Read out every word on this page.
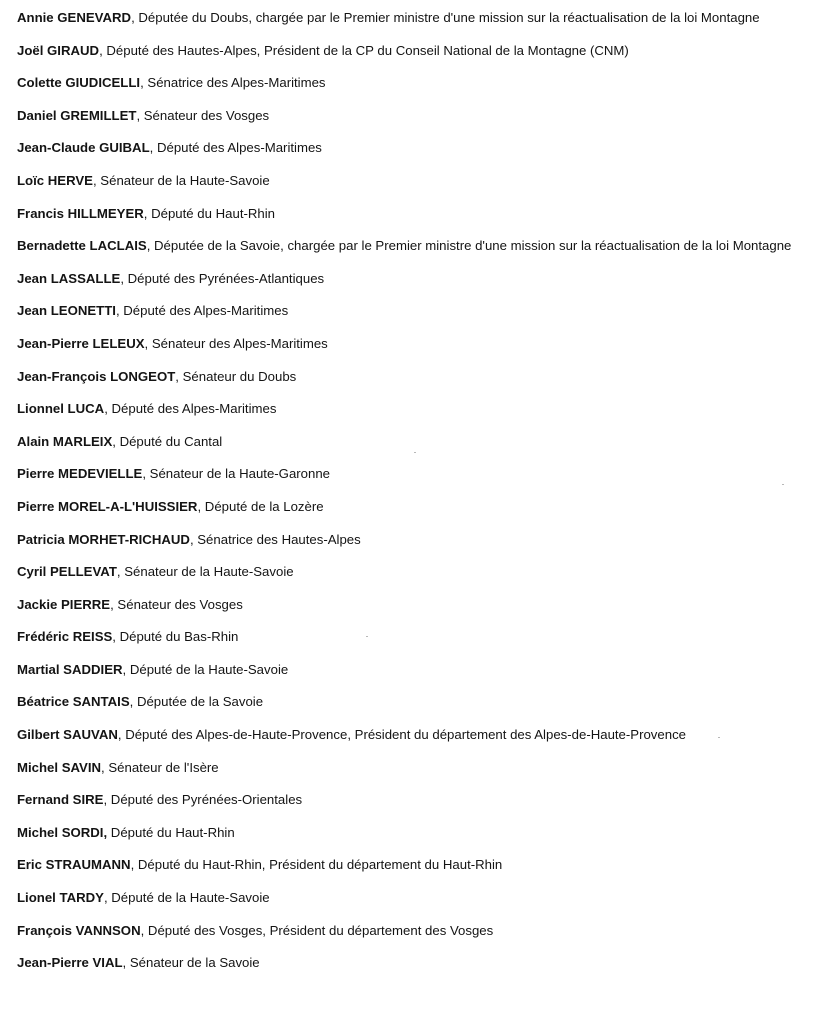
Annie GENEVARD, Députée du Doubs, chargée par le Premier ministre d'une mission sur la réactualisation de la loi Montagne
Joël GIRAUD, Député des Hautes-Alpes, Président de la CP du Conseil National de la Montagne (CNM)
Colette GIUDICELLI, Sénatrice des Alpes-Maritimes
Daniel GREMILLET, Sénateur des Vosges
Jean-Claude GUIBAL, Député des Alpes-Maritimes
Loïc HERVE, Sénateur de la Haute-Savoie
Francis HILLMEYER, Député du Haut-Rhin
Bernadette LACLAIS, Députée de la Savoie, chargée par le Premier ministre d'une mission sur la réactualisation de la loi Montagne
Jean LASSALLE, Député des Pyrénées-Atlantiques
Jean LEONETTI, Député des Alpes-Maritimes
Jean-Pierre LELEUX, Sénateur des Alpes-Maritimes
Jean-François LONGEOT, Sénateur du Doubs
Lionnel LUCA, Député des Alpes-Maritimes
Alain MARLEIX, Député du Cantal
Pierre MEDEVIELLE, Sénateur de la Haute-Garonne
Pierre MOREL-A-L'HUISSIER, Député de la Lozère
Patricia MORHET-RICHAUD, Sénatrice des Hautes-Alpes
Cyril PELLEVAT, Sénateur de la Haute-Savoie
Jackie PIERRE, Sénateur des Vosges
Frédéric REISS, Député du Bas-Rhin
Martial SADDIER, Député de la Haute-Savoie
Béatrice SANTAIS, Députée de la Savoie
Gilbert SAUVAN, Député des Alpes-de-Haute-Provence, Président du département des Alpes-de-Haute-Provence
Michel SAVIN, Sénateur de l'Isère
Fernand SIRE, Député des Pyrénées-Orientales
Michel SORDI, Député du Haut-Rhin
Eric STRAUMANN, Député du Haut-Rhin, Président du département du Haut-Rhin
Lionel TARDY, Député de la Haute-Savoie
François VANNSON, Député des Vosges, Président du département des Vosges
Jean-Pierre VIAL, Sénateur de la Savoie
